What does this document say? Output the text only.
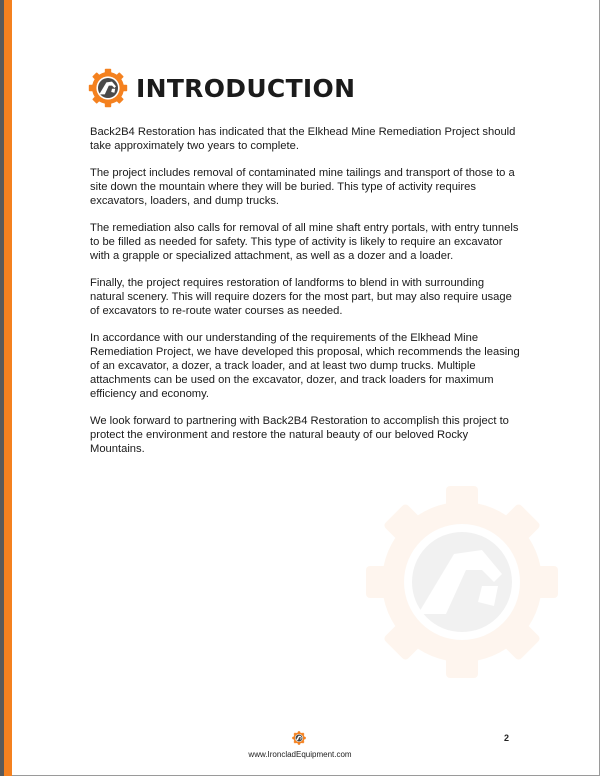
INTRODUCTION

Back2B4 Restoration has indicated that the Elkhead Mine Remediation Project should take approximately two years to complete.

The project includes removal of contaminated mine tailings and transport of those to a site down the mountain where they will be buried. This type of activity requires excavators, loaders, and dump trucks.

The remediation also calls for removal of all mine shaft entry portals, with entry tunnels to be filled as needed for safety. This type of activity is likely to require an excavator with a grapple or specialized attachment, as well as a dozer and a loader.

Finally, the project requires restoration of landforms to blend in with surrounding natural scenery. This will require dozers for the most part, but may also require usage of excavators to re-route water courses as needed.

In accordance with our understanding of the requirements of the Elkhead Mine Remediation Project, we have developed this proposal, which recommends the leasing of an excavator, a dozer, a track loader, and at least two dump trucks. Multiple attachments can be used on the excavator, dozer, and track loaders for maximum efficiency and economy.

We look forward to partnering with Back2B4 Restoration to accomplish this project to protect the environment and restore the natural beauty of our beloved Rocky Mountains.

www.IroncladEquipment.com
2
